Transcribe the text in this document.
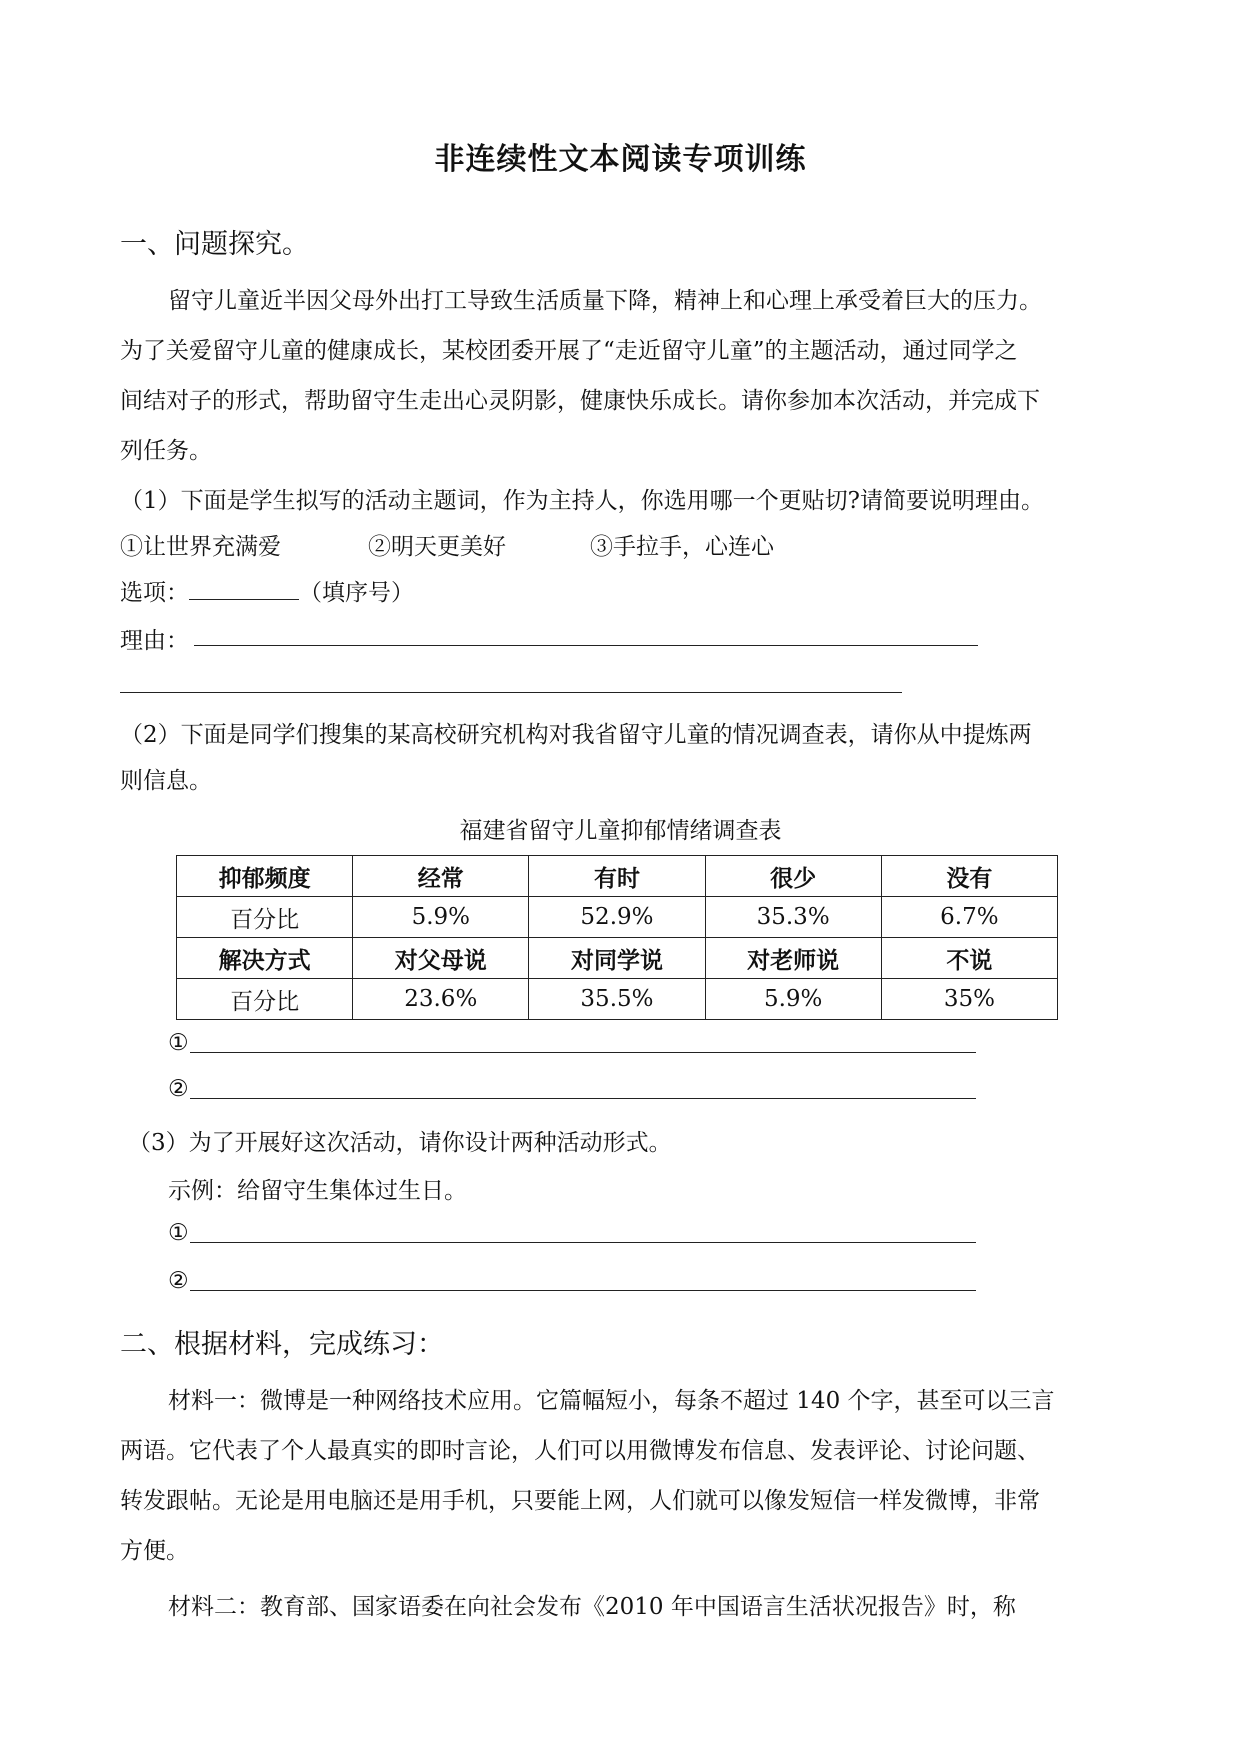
非连续性文本阅读专项训练
一、问题探究。
留守儿童近半因父母外出打工导致生活质量下降，精神上和心理上承受着巨大的压力。
为了关爱留守儿童的健康成长，某校团委开展了“走近留守儿童”的主题活动，通过同学之
间结对子的形式，帮助留守生走出心灵阴影，健康快乐成长。请你参加本次活动，并完成下
列任务。
（1）下面是学生拟写的活动主题词，作为主持人，你选用哪一个更贴切?请简要说明理由。
①让世界充满爱	②明天更美好	③手拉手，心连心
选项：	（填序号）
理由：
（2）下面是同学们搜集的某高校研究机构对我省留守儿童的情况调查表，请你从中提炼两
则信息。
福建省留守儿童抑郁情绪调查表
抑郁频度	经常	有时	很少	没有
百分比	5.9%	52.9%	35.3%	6.7%
解决方式	对父母说	对同学说	对老师说	不说
百分比	23.6%	35.5%	5.9%	35%
①
②
（3）为了开展好这次活动，请你设计两种活动形式。
示例：给留守生集体过生日。
①
②
二、根据材料，完成练习：
材料一：微博是一种网络技术应用。它篇幅短小，每条不超过 140 个字，甚至可以三言
两语。它代表了个人最真实的即时言论，人们可以用微博发布信息、发表评论、讨论问题、
转发跟帖。无论是用电脑还是用手机，只要能上网，人们就可以像发短信一样发微博，非常
方便。
材料二：教育部、国家语委在向社会发布《2010 年中国语言生活状况报告》时，称
